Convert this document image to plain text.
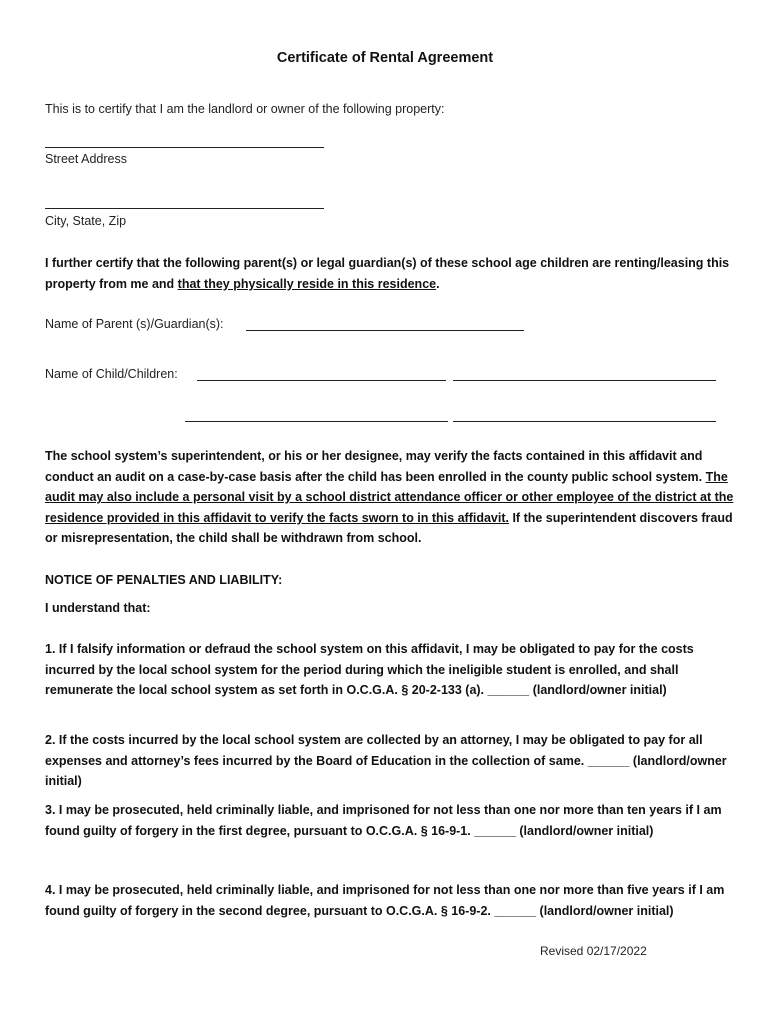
Certificate of Rental Agreement
This is to certify that I am the landlord or owner of the following property:
Street Address
City, State, Zip
I further certify that the following parent(s) or legal guardian(s) of these school age children are renting/leasing this property from me and that they physically reside in this residence.
Name of Parent (s)/Guardian(s):
Name of Child/Children:
The school system’s superintendent, or his or her designee, may verify the facts contained in this affidavit and conduct an audit on a case-by-case basis after the child has been enrolled in the county public school system. The audit may also include a personal visit by a school district attendance officer or other employee of the district at the residence provided in this affidavit to verify the facts sworn to in this affidavit. If the superintendent discovers fraud or misrepresentation, the child shall be withdrawn from school.
NOTICE OF PENALTIES AND LIABILITY:
I understand that:
1. If I falsify information or defraud the school system on this affidavit, I may be obligated to pay for the costs incurred by the local school system for the period during which the ineligible student is enrolled, and shall remunerate the local school system as set forth in O.C.G.A. § 20-2-133 (a). ______ (landlord/owner initial)
2. If the costs incurred by the local school system are collected by an attorney, I may be obligated to pay for all expenses and attorney’s fees incurred by the Board of Education in the collection of same. ______ (landlord/owner initial)
3. I may be prosecuted, held criminally liable, and imprisoned for not less than one nor more than ten years if I am found guilty of forgery in the first degree, pursuant to O.C.G.A. § 16-9-1. ______ (landlord/owner initial)
4. I may be prosecuted, held criminally liable, and imprisoned for not less than one nor more than five years if I am found guilty of forgery in the second degree, pursuant to O.C.G.A. § 16-9-2. ______ (landlord/owner initial)
Revised 02/17/2022
